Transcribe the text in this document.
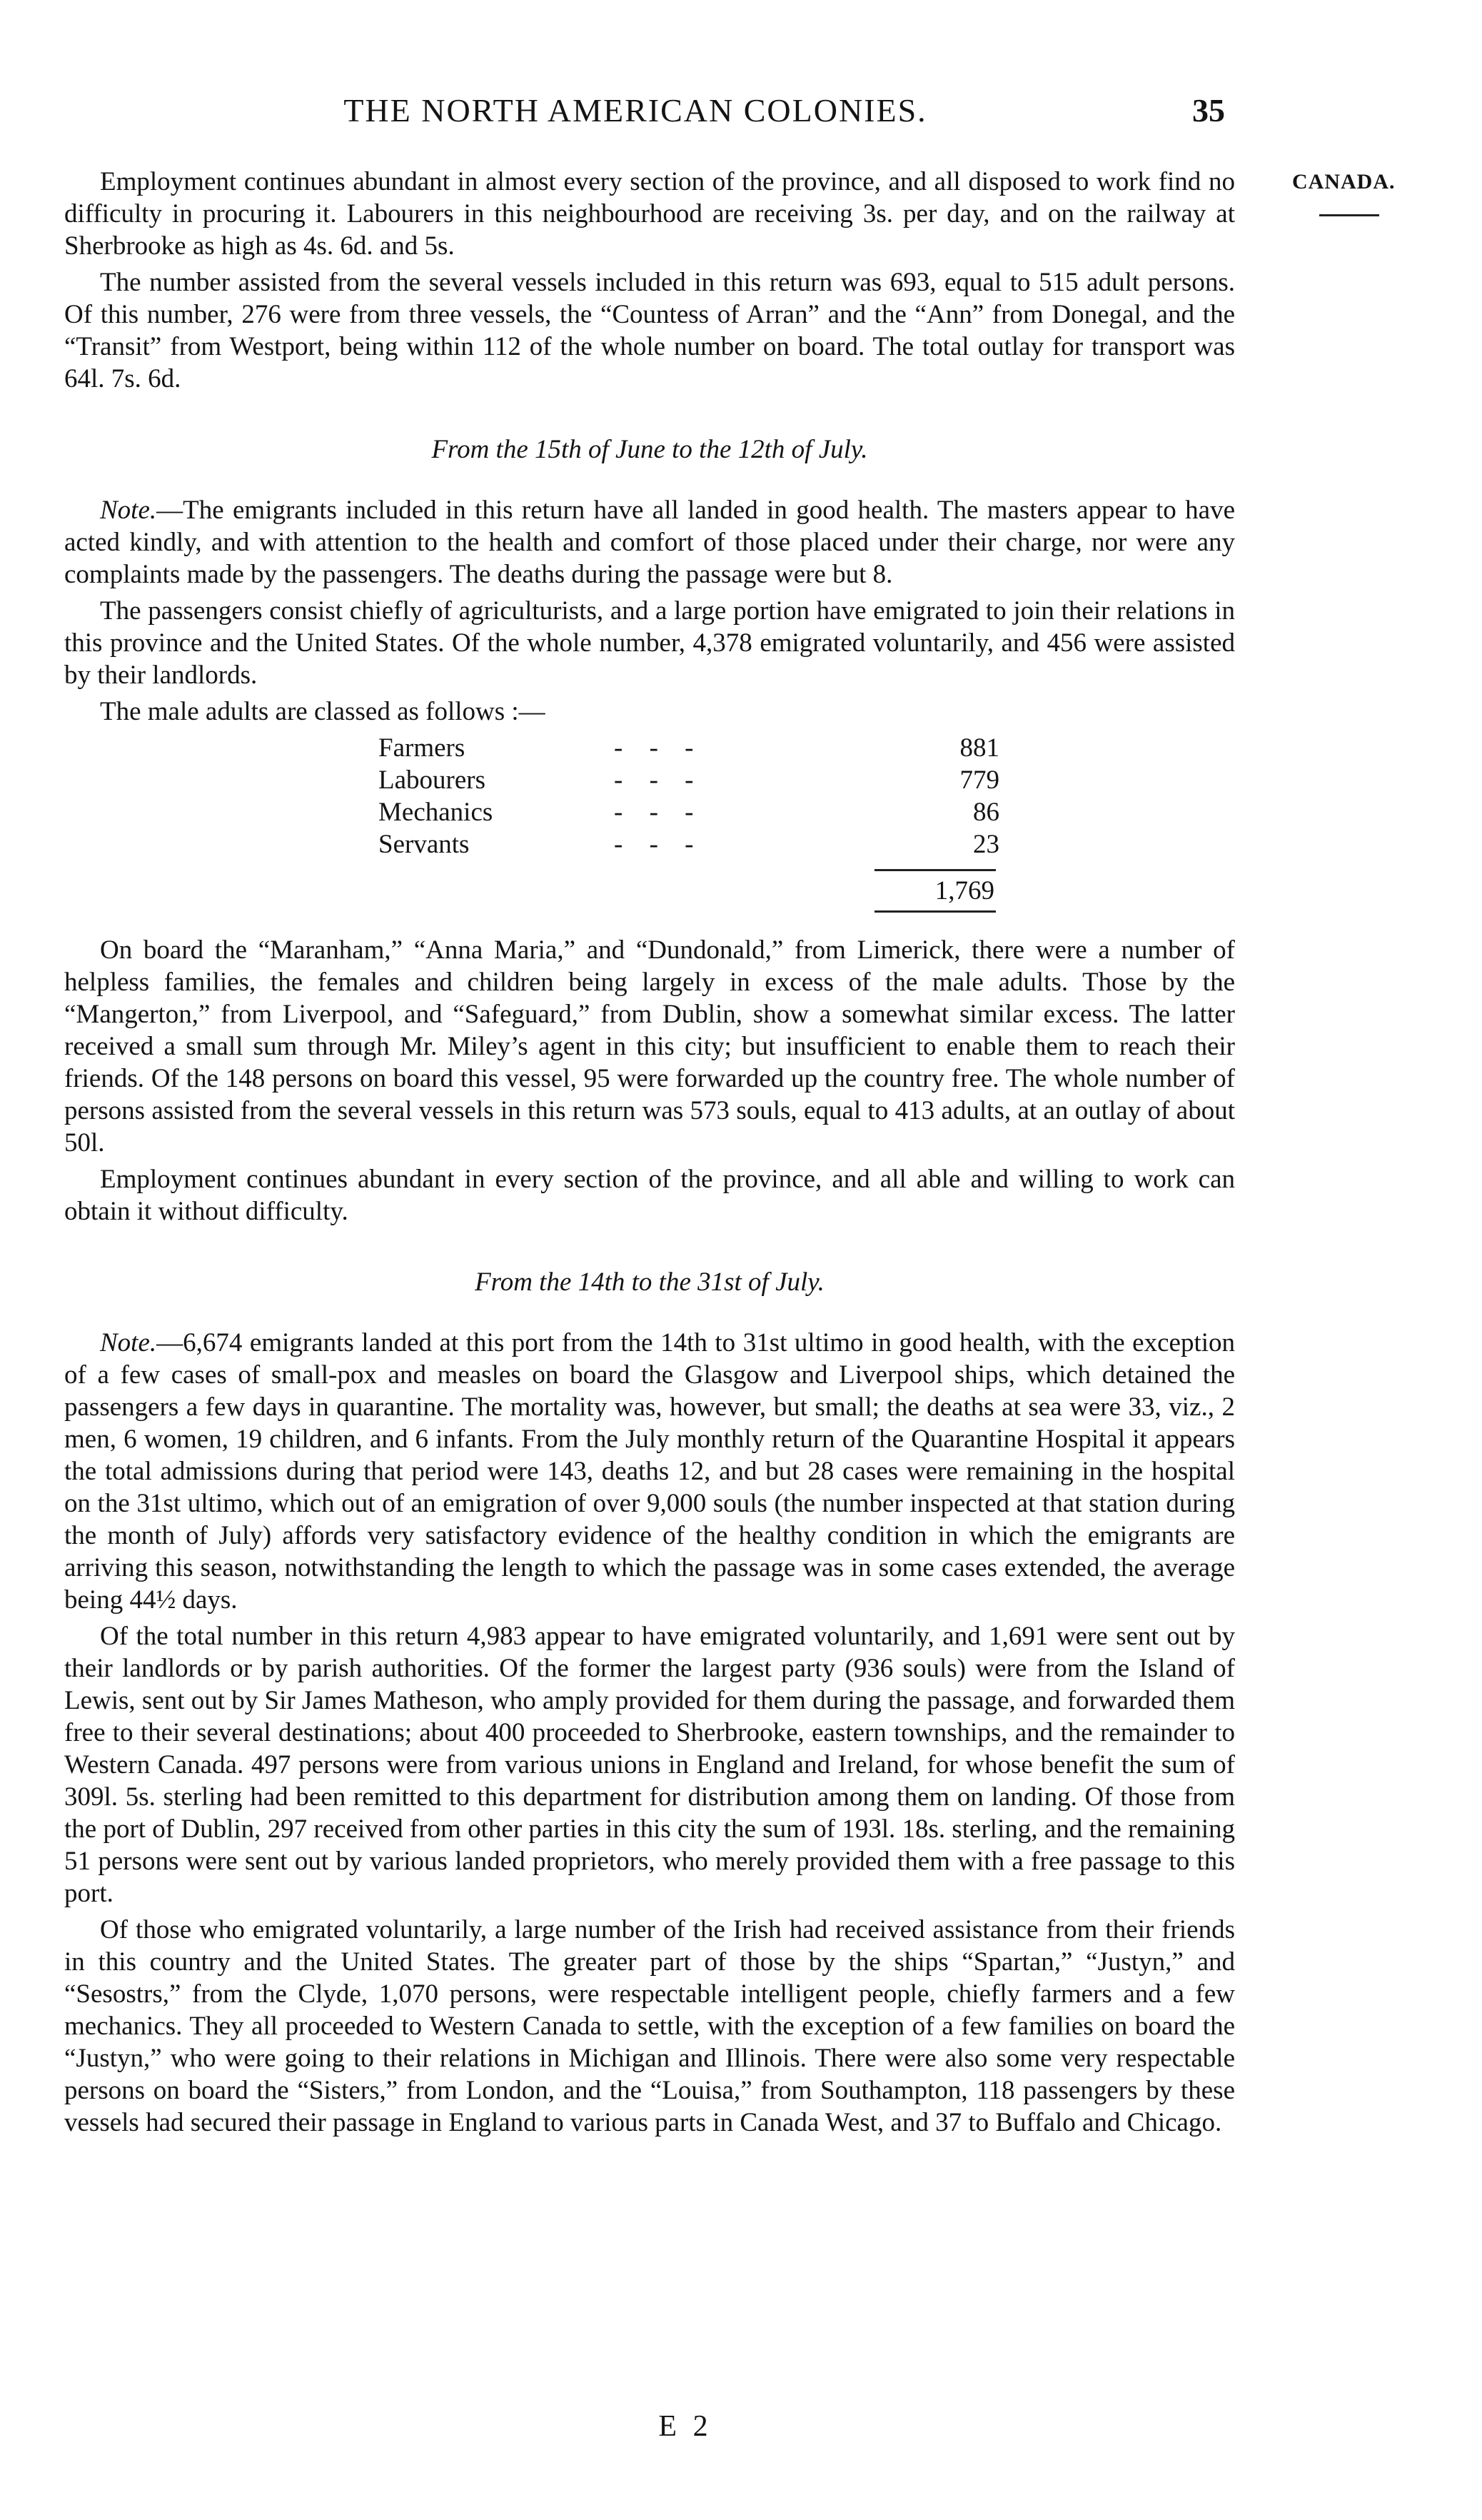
THE NORTH AMERICAN COLONIES.	35
CANADA.

Employment continues abundant in almost every section of the province, and all disposed to work find no difficulty in procuring it. Labourers in this neighbourhood are receiving 3s. per day, and on the railway at Sherbrooke as high as 4s. 6d. and 5s.

The number assisted from the several vessels included in this return was 693, equal to 515 adult persons. Of this number, 276 were from three vessels, the “Countess of Arran” and the “Ann” from Donegal, and the “Transit” from Westport, being within 112 of the whole number on board. The total outlay for transport was 64l. 7s. 6d.

From the 15th of June to the 12th of July.

Note.—The emigrants included in this return have all landed in good health. The masters appear to have acted kindly, and with attention to the health and comfort of those placed under their charge, nor were any complaints made by the passengers. The deaths during the passage were but 8.

The passengers consist chiefly of agriculturists, and a large portion have emigrated to join their relations in this province and the United States. Of the whole number, 4,378 emigrated voluntarily, and 456 were assisted by their landlords.

The male adults are classed as follows :—

Farmers	- - -	881
Labourers	- - -	779
Mechanics	- - -	86
Servants	- - -	23
1,769

On board the “Maranham,” “Anna Maria,” and “Dundonald,” from Limerick, there were a number of helpless families, the females and children being largely in excess of the male adults. Those by the “Mangerton,” from Liverpool, and “Safeguard,” from Dublin, show a somewhat similar excess. The latter received a small sum through Mr. Miley’s agent in this city; but insufficient to enable them to reach their friends. Of the 148 persons on board this vessel, 95 were forwarded up the country free. The whole number of persons assisted from the several vessels in this return was 573 souls, equal to 413 adults, at an outlay of about 50l.

Employment continues abundant in every section of the province, and all able and willing to work can obtain it without difficulty.

From the 14th to the 31st of July.

Note.—6,674 emigrants landed at this port from the 14th to 31st ultimo in good health, with the exception of a few cases of small-pox and measles on board the Glasgow and Liverpool ships, which detained the passengers a few days in quarantine. The mortality was, however, but small; the deaths at sea were 33, viz., 2 men, 6 women, 19 children, and 6 infants. From the July monthly return of the Quarantine Hospital it appears the total admissions during that period were 143, deaths 12, and but 28 cases were remaining in the hospital on the 31st ultimo, which out of an emigration of over 9,000 souls (the number inspected at that station during the month of July) affords very satisfactory evidence of the healthy condition in which the emigrants are arriving this season, notwithstanding the length to which the passage was in some cases extended, the average being 44½ days.

Of the total number in this return 4,983 appear to have emigrated voluntarily, and 1,691 were sent out by their landlords or by parish authorities. Of the former the largest party (936 souls) were from the Island of Lewis, sent out by Sir James Matheson, who amply provided for them during the passage, and forwarded them free to their several destinations; about 400 proceeded to Sherbrooke, eastern townships, and the remainder to Western Canada. 497 persons were from various unions in England and Ireland, for whose benefit the sum of 309l. 5s. sterling had been remitted to this department for distribution among them on landing. Of those from the port of Dublin, 297 received from other parties in this city the sum of 193l. 18s. sterling, and the remaining 51 persons were sent out by various landed proprietors, who merely provided them with a free passage to this port.

Of those who emigrated voluntarily, a large number of the Irish had received assistance from their friends in this country and the United States. The greater part of those by the ships “Spartan,” “Justyn,” and “Sesostrs,” from the Clyde, 1,070 persons, were respectable intelligent people, chiefly farmers and a few mechanics. They all proceeded to Western Canada to settle, with the exception of a few families on board the “Justyn,” who were going to their relations in Michigan and Illinois. There were also some very respectable persons on board the “Sisters,” from London, and the “Louisa,” from Southampton, 118 passengers by these vessels had secured their passage in England to various parts in Canada West, and 37 to Buffalo and Chicago.

E 2
